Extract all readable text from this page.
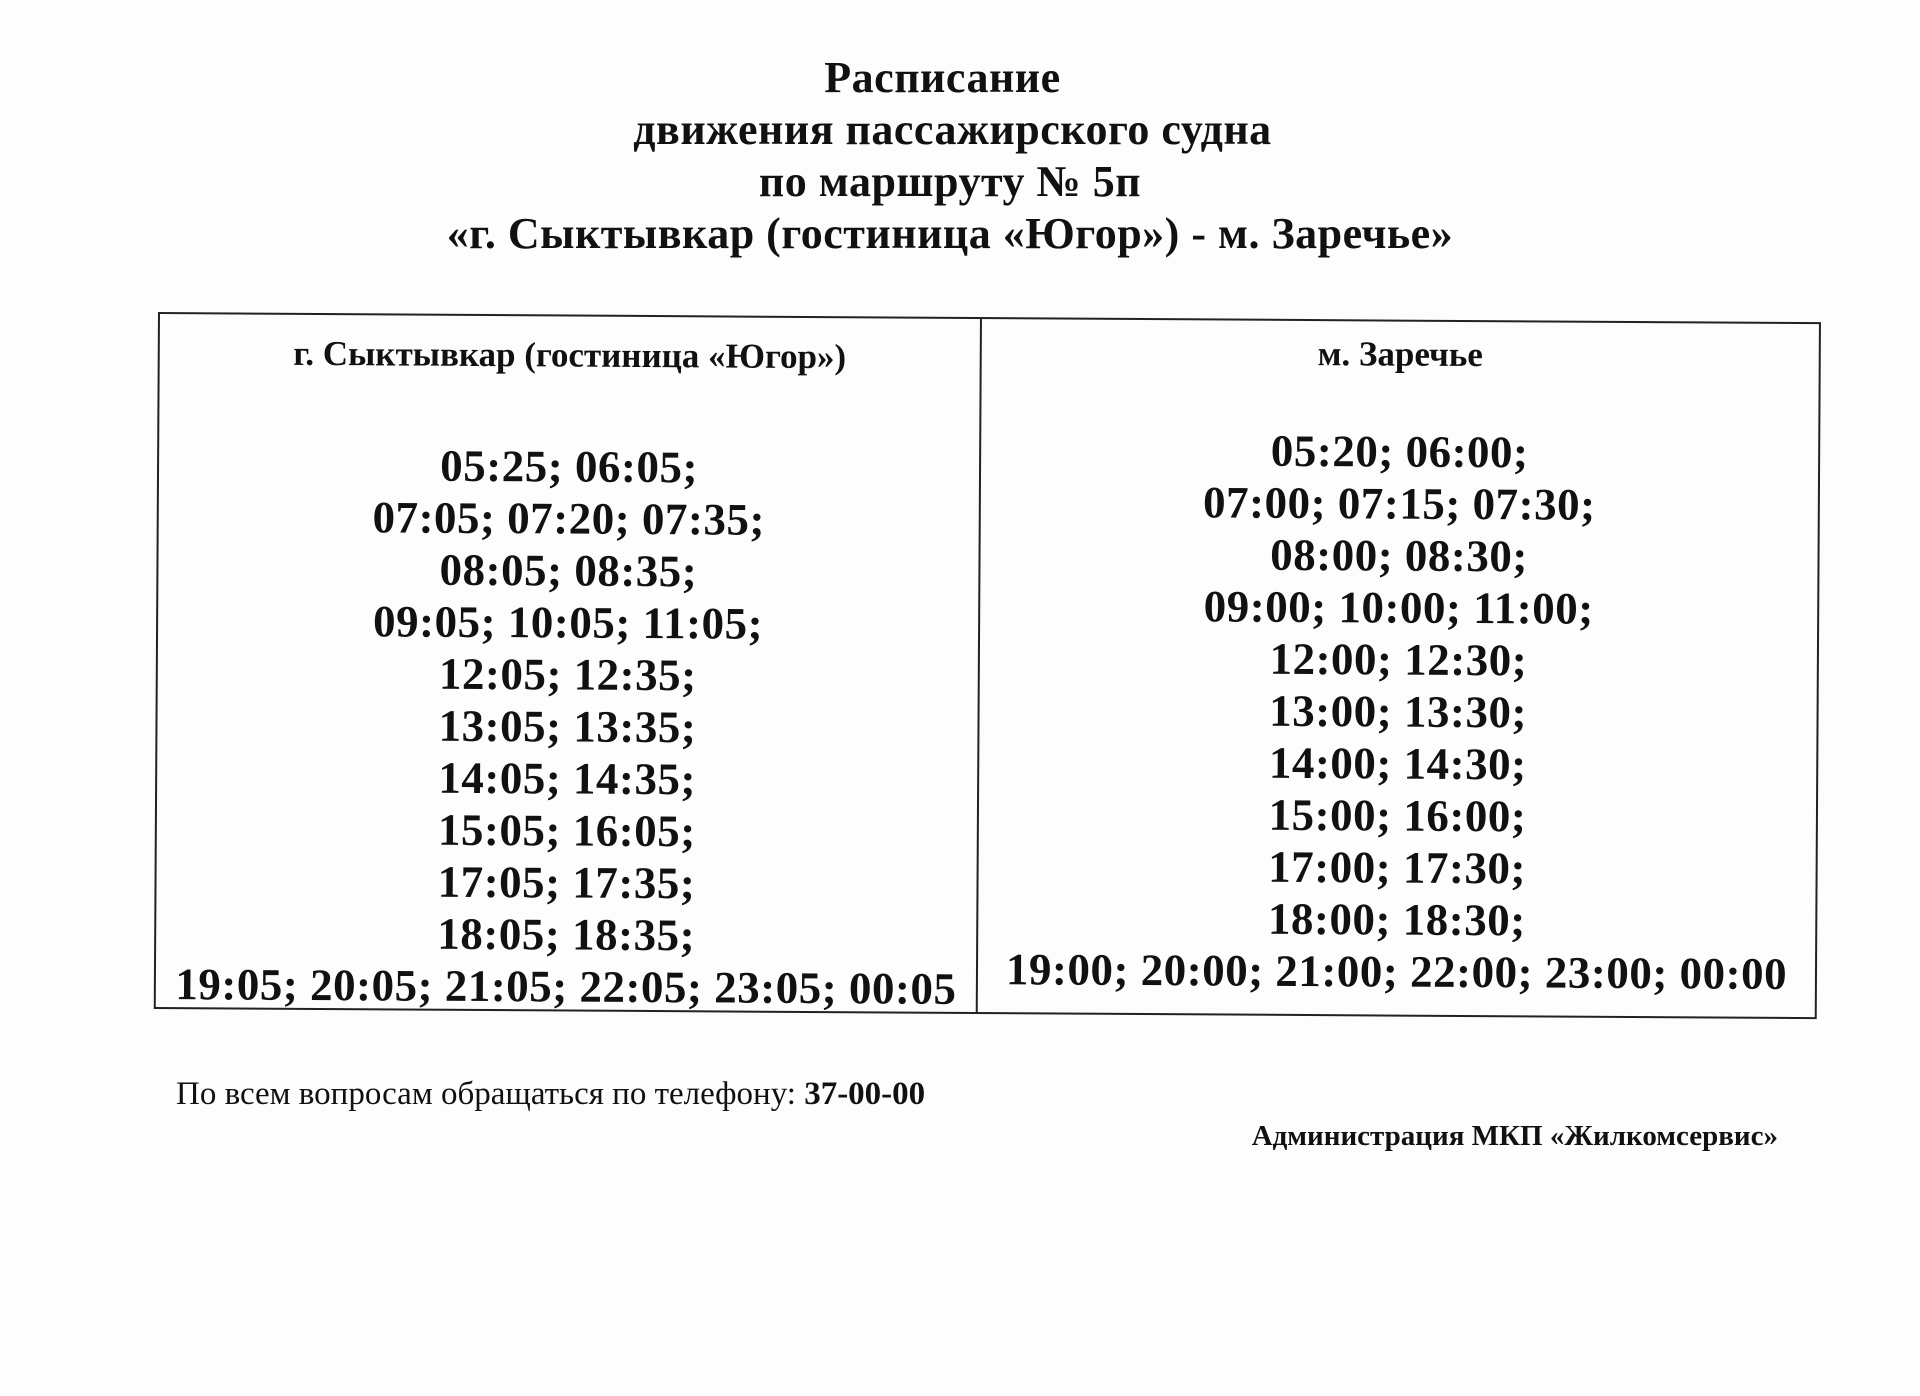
Расписание
движения пассажирского судна
по маршруту № 5п
«г. Сыктывкар (гостиница «Югор») - м. Заречье»
г. Сыктывкар (гостиница «Югор»)
05:25; 06:05;
07:05; 07:20; 07:35;
08:05; 08:35;
09:05; 10:05; 11:05;
12:05; 12:35;
13:05; 13:35;
14:05; 14:35;
15:05; 16:05;
17:05; 17:35;
18:05; 18:35;
19:05; 20:05; 21:05; 22:05; 23:05; 00:05
м. Заречье
05:20; 06:00;
07:00; 07:15; 07:30;
08:00; 08:30;
09:00; 10:00; 11:00;
12:00; 12:30;
13:00; 13:30;
14:00; 14:30;
15:00; 16:00;
17:00; 17:30;
18:00; 18:30;
19:00; 20:00; 21:00; 22:00; 23:00; 00:00
По всем вопросам обращаться по телефону: 37-00-00
Администрация МКП «Жилкомсервис»
